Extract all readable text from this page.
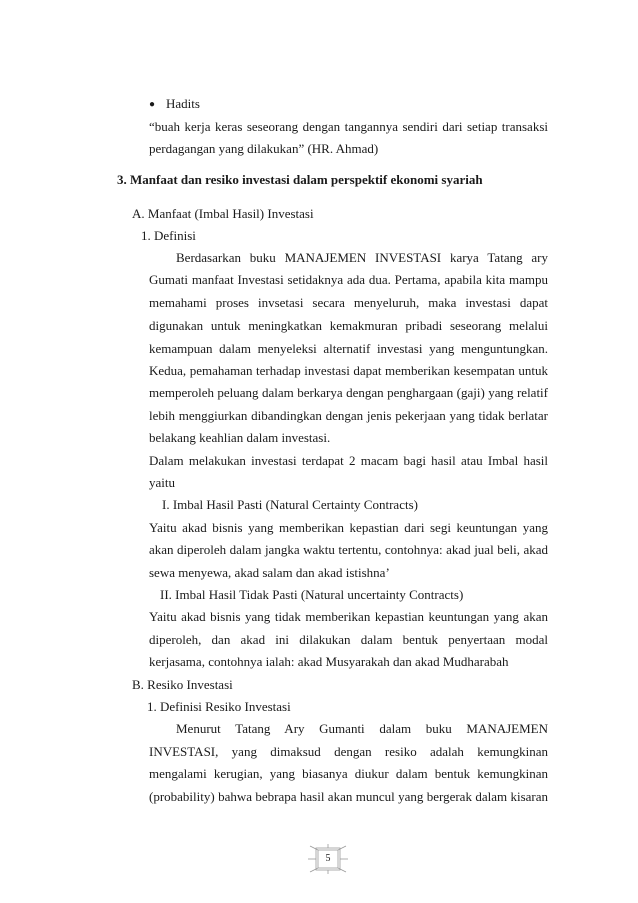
● Hadits
“buah kerja keras seseorang dengan tangannya sendiri dari setiap transaksi
perdagangan yang dilakukan” (HR. Ahmad)
3. Manfaat dan resiko investasi dalam perspektif ekonomi syariah
A. Manfaat (Imbal Hasil) Investasi
1. Definisi
Berdasarkan buku MANAJEMEN INVESTASI karya Tatang ary
Gumati manfaat Investasi setidaknya ada dua. Pertama, apabila kita mampu
memahami proses invsetasi secara menyeluruh, maka investasi dapat
digunakan untuk meningkatkan kemakmuran pribadi seseorang melalui
kemampuan dalam menyeleksi alternatif investasi yang menguntungkan.
Kedua, pemahaman terhadap investasi dapat memberikan kesempatan untuk
memperoleh peluang dalam berkarya dengan penghargaan (gaji) yang relatif
lebih menggiurkan dibandingkan dengan jenis pekerjaan yang tidak berlatar
belakang keahlian dalam investasi.
Dalam melakukan investasi terdapat 2 macam bagi hasil atau Imbal hasil
yaitu
I. Imbal Hasil Pasti (Natural Certainty Contracts)
Yaitu akad bisnis yang memberikan kepastian dari segi keuntungan yang
akan diperoleh dalam jangka waktu tertentu, contohnya: akad jual beli, akad
sewa menyewa, akad salam dan akad istishna’
II. Imbal Hasil Tidak Pasti (Natural uncertainty Contracts)
Yaitu akad bisnis yang tidak memberikan kepastian keuntungan yang akan
diperoleh, dan akad ini dilakukan dalam bentuk penyertaan modal
kerjasama, contohnya ialah: akad Musyarakah dan akad Mudharabah
B. Resiko Investasi
1. Definisi Resiko Investasi
Menurut Tatang Ary Gumanti dalam buku MANAJEMEN
INVESTASI, yang dimaksud dengan resiko adalah kemungkinan
mengalami kerugian, yang biasanya diukur dalam bentuk kemungkinan
(probability) bahwa bebrapa hasil akan muncul yang bergerak dalam kisaran
5
